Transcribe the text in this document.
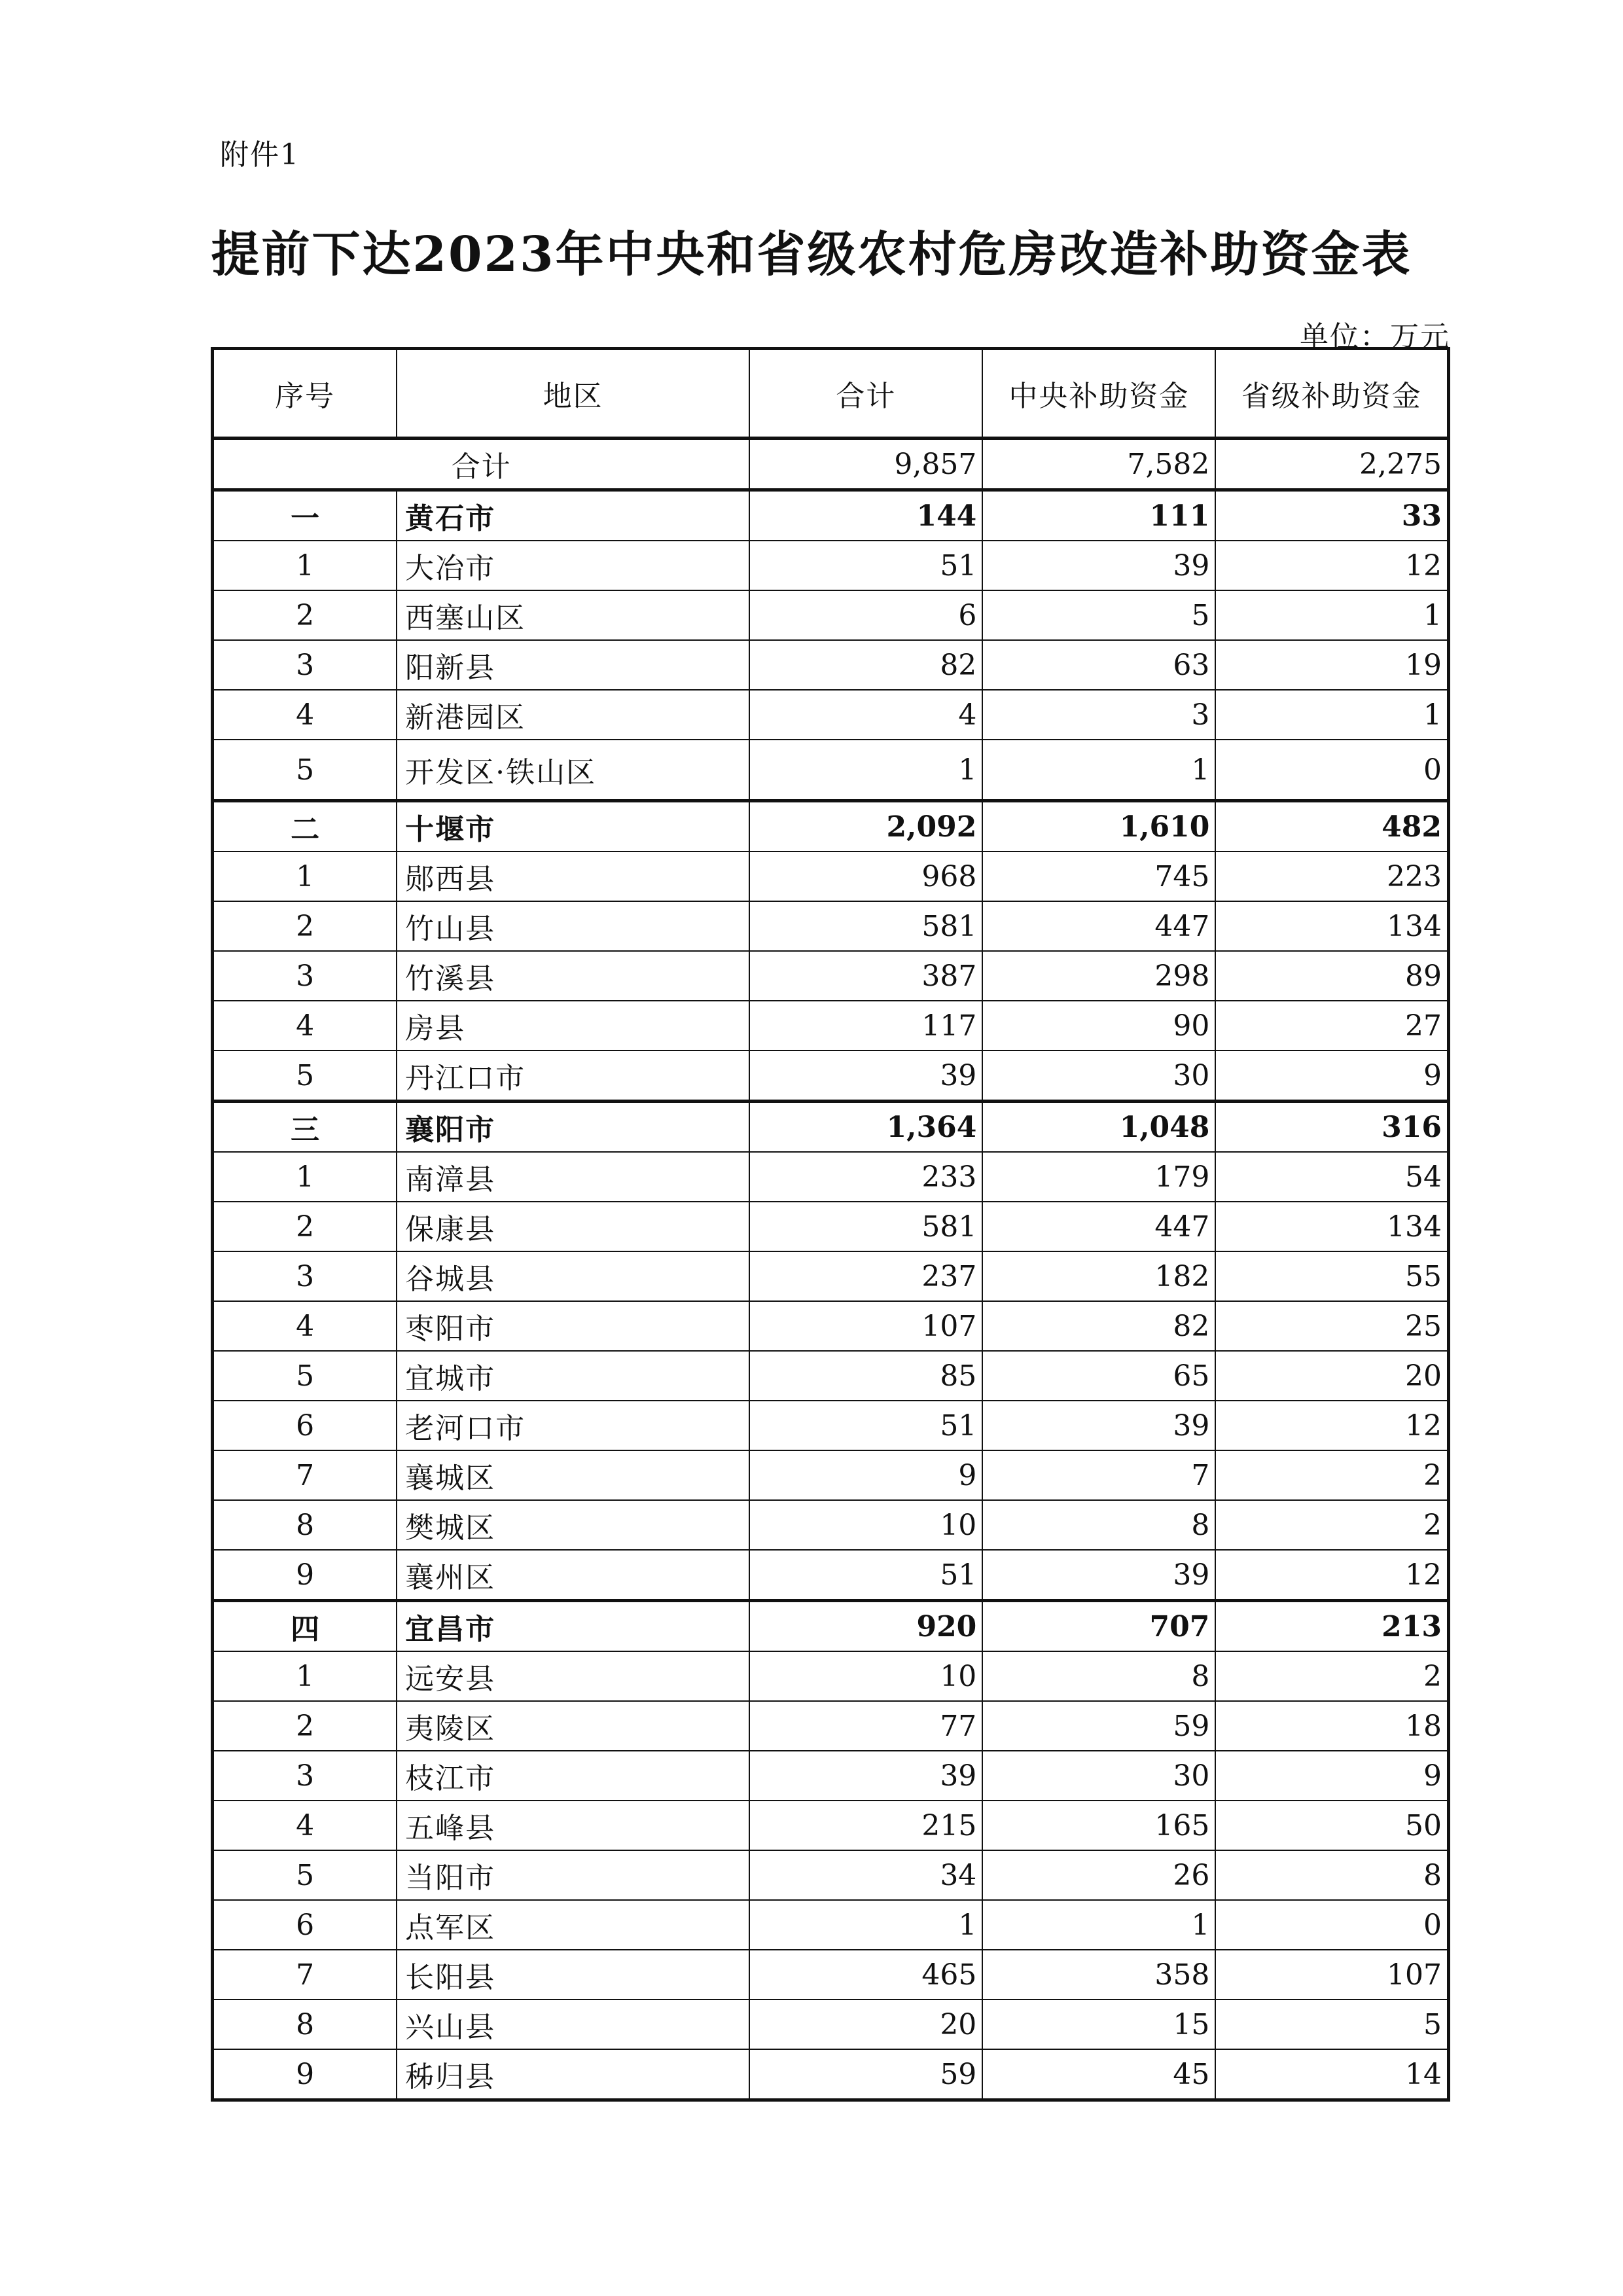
附件1
提前下达2023年中央和省级农村危房改造补助资金表
单位：万元
序号	地区	合计	中央补助资金	省级补助资金
合计		9,857	7,582	2,275
一	黄石市	144	111	33
1	大冶市	51	39	12
2	西塞山区	6	5	1
3	阳新县	82	63	19
4	新港园区	4	3	1
5	开发区·铁山区	1	1	0
二	十堰市	2,092	1,610	482
1	郧西县	968	745	223
2	竹山县	581	447	134
3	竹溪县	387	298	89
4	房县	117	90	27
5	丹江口市	39	30	9
三	襄阳市	1,364	1,048	316
1	南漳县	233	179	54
2	保康县	581	447	134
3	谷城县	237	182	55
4	枣阳市	107	82	25
5	宜城市	85	65	20
6	老河口市	51	39	12
7	襄城区	9	7	2
8	樊城区	10	8	2
9	襄州区	51	39	12
四	宜昌市	920	707	213
1	远安县	10	8	2
2	夷陵区	77	59	18
3	枝江市	39	30	9
4	五峰县	215	165	50
5	当阳市	34	26	8
6	点军区	1	1	0
7	长阳县	465	358	107
8	兴山县	20	15	5
9	秭归县	59	45	14
